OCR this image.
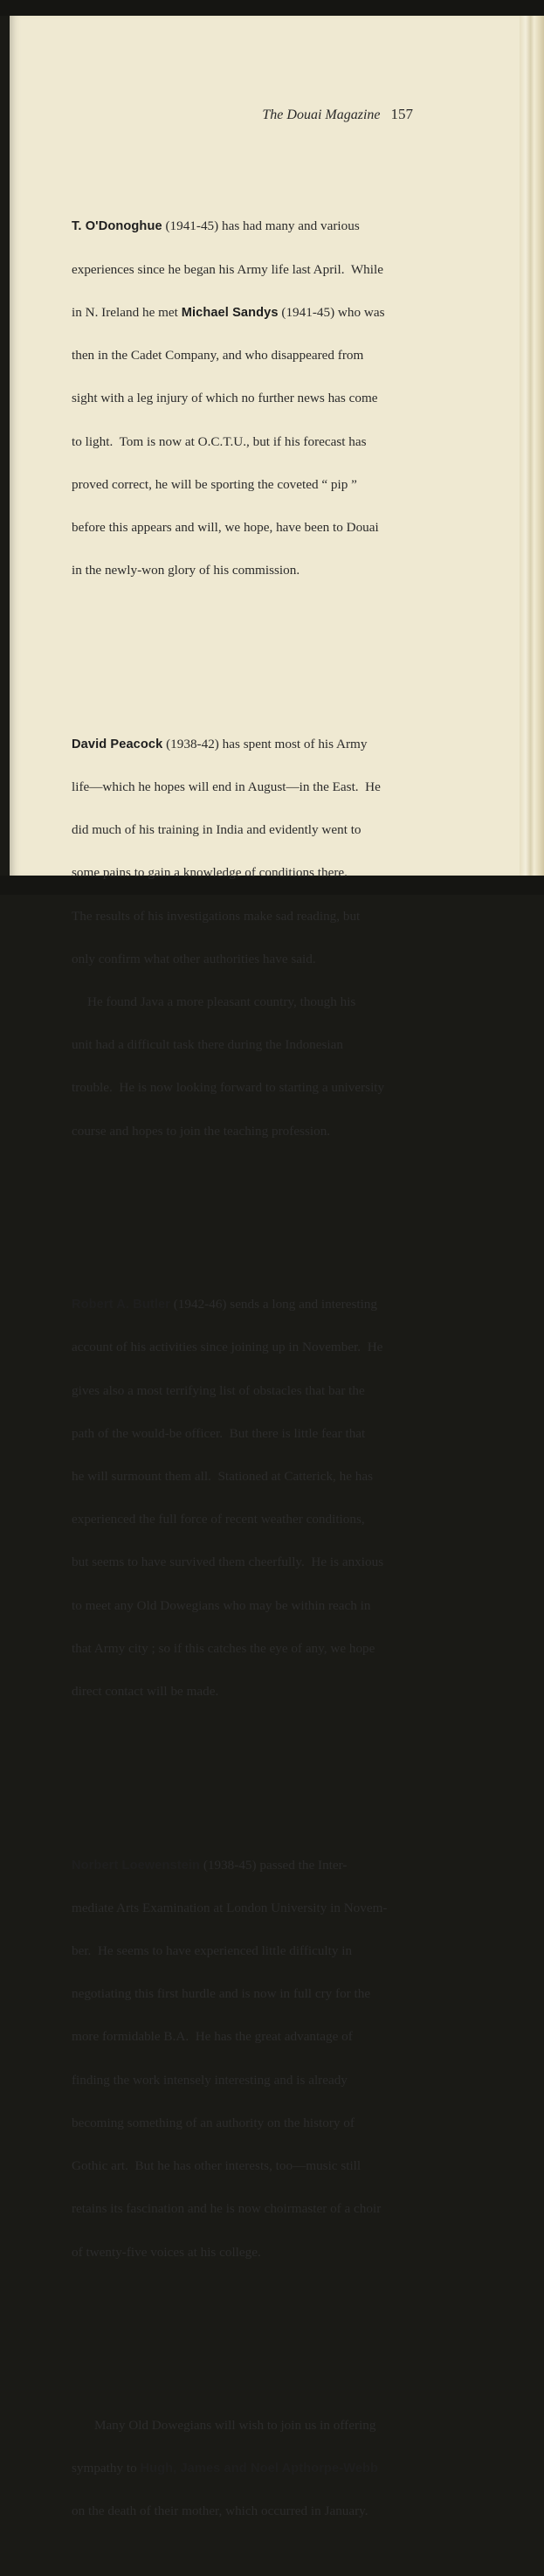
The Douai Magazine 157

T. O'Donoghue (1941-45) has had many and various

experiences since he began his Army life last April.  While

in N. Ireland he met Michael Sandys (1941-45) who was

then in the Cadet Company, and who disappeared from

sight with a leg injury of which no further news has come

to light.  Tom is now at O.C.T.U., but if his forecast has

proved correct, he will be sporting the coveted “ pip ”

before this appears and will, we hope, have been to Douai

in the newly-won glory of his commission.

David Peacock (1938-42) has spent most of his Army

life—which he hopes will end in August—in the East.  He

did much of his training in India and evidently went to

some pains to gain a knowledge of conditions there.

The results of his investigations make sad reading, but

only confirm what other authorities have said.

He found Java a more pleasant country, though his

unit had a difficult task there during the Indonesian

trouble.  He is now looking forward to starting a university

course and hopes to join the teaching profession.

Robert A. Butler (1942-46) sends a long and interesting

account of his activities since joining up in November.  He

gives also a most terrifying list of obstacles that bar the

path of the would-be officer.  But there is little fear that

he will surmount them all.  Stationed at Catterick, he has

experienced the full force of recent weather conditions,

but seems to have survived them cheerfully.  He is anxious

to meet any Old Dowegians who may be within reach in

that Army city ; so if this catches the eye of any, we hope

direct contact will be made.

Norbert Loewenstein (1938-45) passed the Inter-

mediate Arts Examination at London University in Novem-

ber.  He seems to have experienced little difficulty in

negotiating this first hurdle and is now in full cry for the

more formidable B.A.  He has the great advantage of

finding the work intensely interesting and is already

becoming something of an authority on the history of

Gothic art.  But he has other interests, too—music still

retains its fascination and he is now choirmaster of a choir

of twenty-five voices at his college.

Many Old Dowegians will wish to join us in offering

sympathy to Hugh, James and Noel Apthorpe-Webb

on the death of their mother, which occurred in January.
